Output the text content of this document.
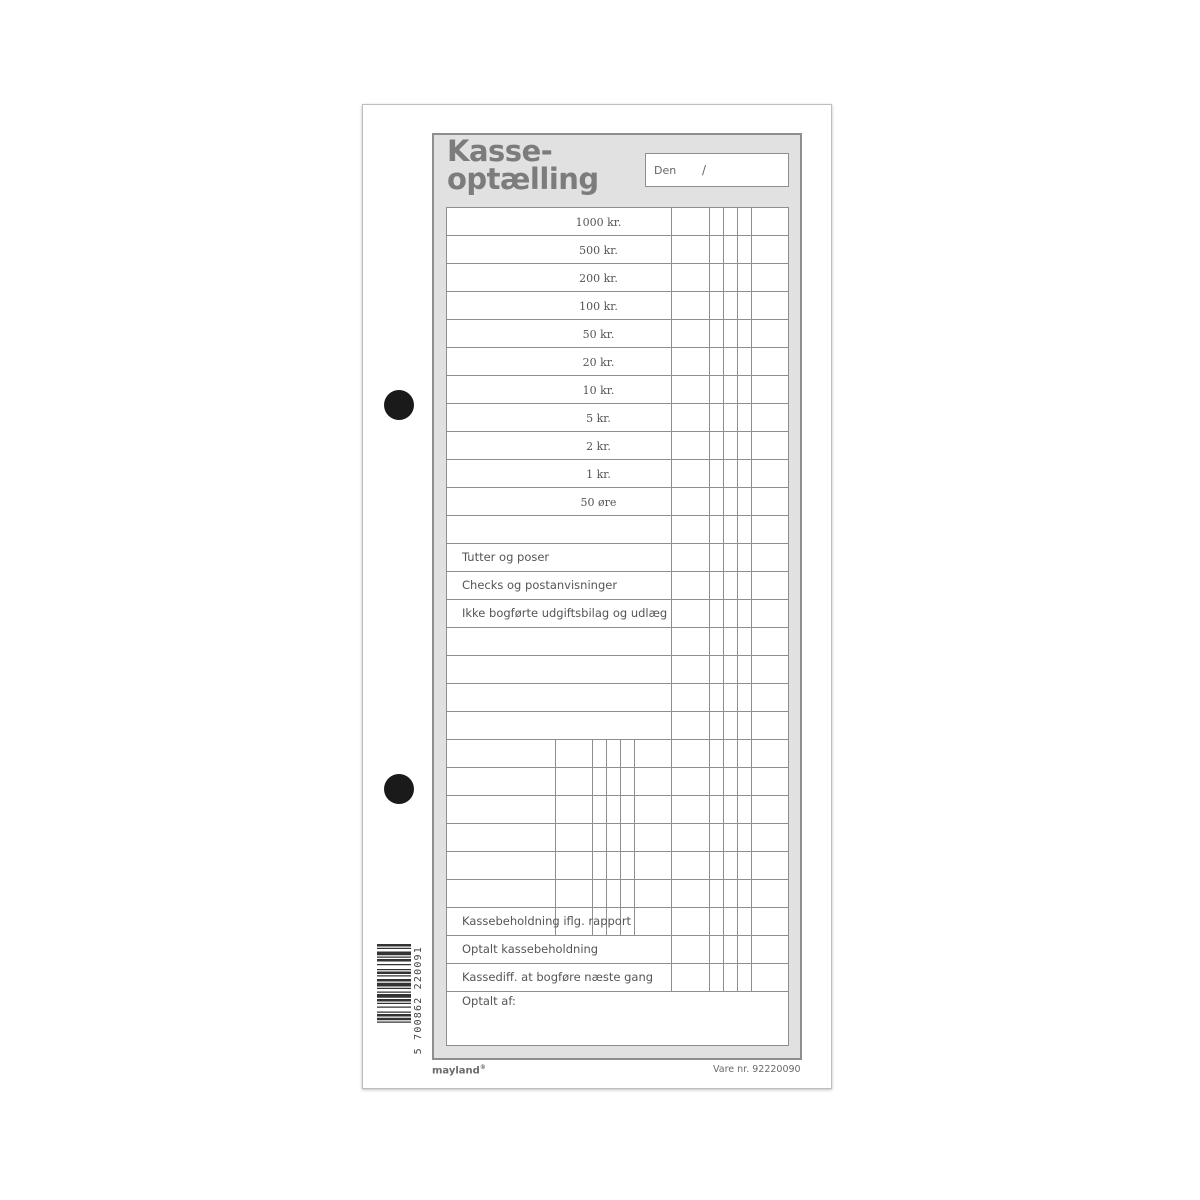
Kasse-
optælling	Den /
1000 kr.
500 kr.
200 kr.
100 kr.
50 kr.
20 kr.
10 kr.
5 kr.
2 kr.
1 kr.
50 øre
Tutter og poser
Checks og postanvisninger
Ikke bogførte udgiftsbilag og udlæg
Kassebeholdning iflg. rapport
Optalt kassebeholdning
Kassediff. at bogføre næste gang
Optalt af:
5 700862 220091
mayland®	Vare nr. 92220090
